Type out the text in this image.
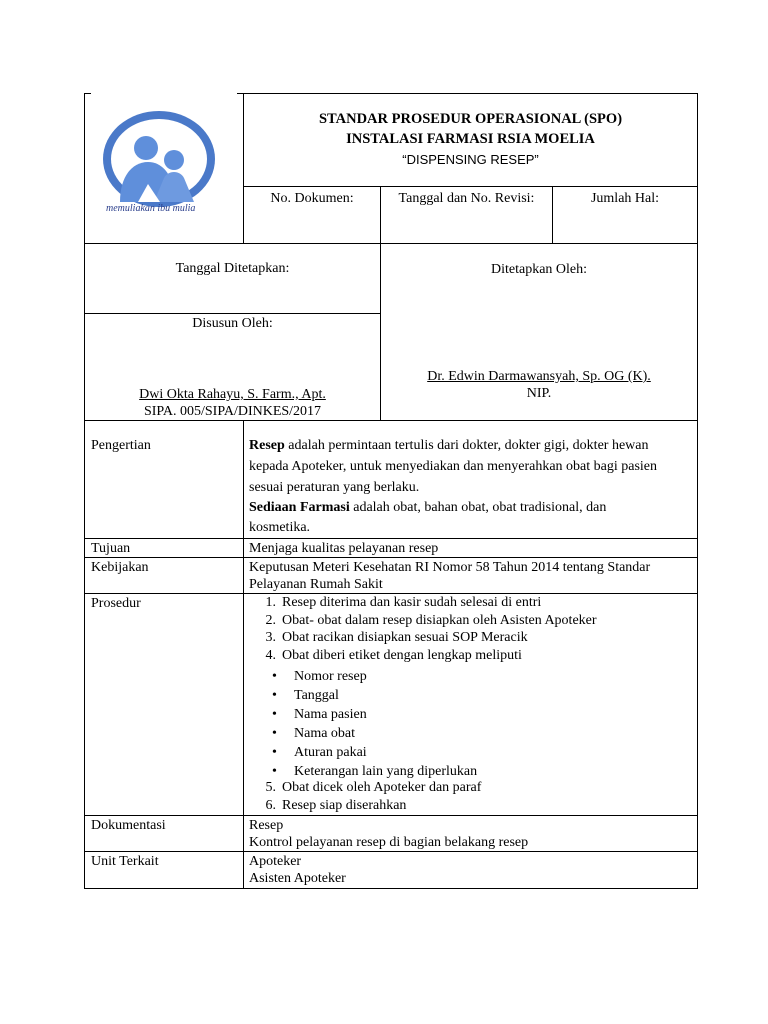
memuliakan ibu mulia
STANDAR PROSEDUR OPERASIONAL (SPO)
INSTALASI FARMASI RSIA MOELIA
“DISPENSING RESEP”
No. Dokumen:	Tanggal dan No. Revisi:	Jumlah Hal:
Tanggal Ditetapkan:	Ditetapkan Oleh:
Disusun Oleh:
Dwi Okta Rahayu, S. Farm., Apt.
SIPA. 005/SIPA/DINKES/2017
Dr. Edwin Darmawansyah, Sp. OG (K).
NIP.
Pengertian	Resep adalah permintaan tertulis dari dokter, dokter gigi, dokter hewan
kepada Apoteker, untuk menyediakan dan menyerahkan obat bagi pasien
sesuai peraturan yang berlaku.
Sediaan Farmasi adalah obat, bahan obat, obat tradisional, dan
kosmetika.
Tujuan	Menjaga kualitas pelayanan resep
Kebijakan	Keputusan Meteri Kesehatan RI Nomor 58 Tahun 2014 tentang Standar
Pelayanan Rumah Sakit
Prosedur	1. Resep diterima dan kasir sudah selesai di entri
2. Obat- obat dalam resep disiapkan oleh Asisten Apoteker
3. Obat racikan disiapkan sesuai SOP Meracik
4. Obat diberi etiket dengan lengkap meliputi
• Nomor resep
• Tanggal
• Nama pasien
• Nama obat
• Aturan pakai
• Keterangan lain yang diperlukan
5. Obat dicek oleh Apoteker dan paraf
6. Resep siap diserahkan
Dokumentasi	Resep
Kontrol pelayanan resep di bagian belakang resep
Unit Terkait	Apoteker
Asisten Apoteker
